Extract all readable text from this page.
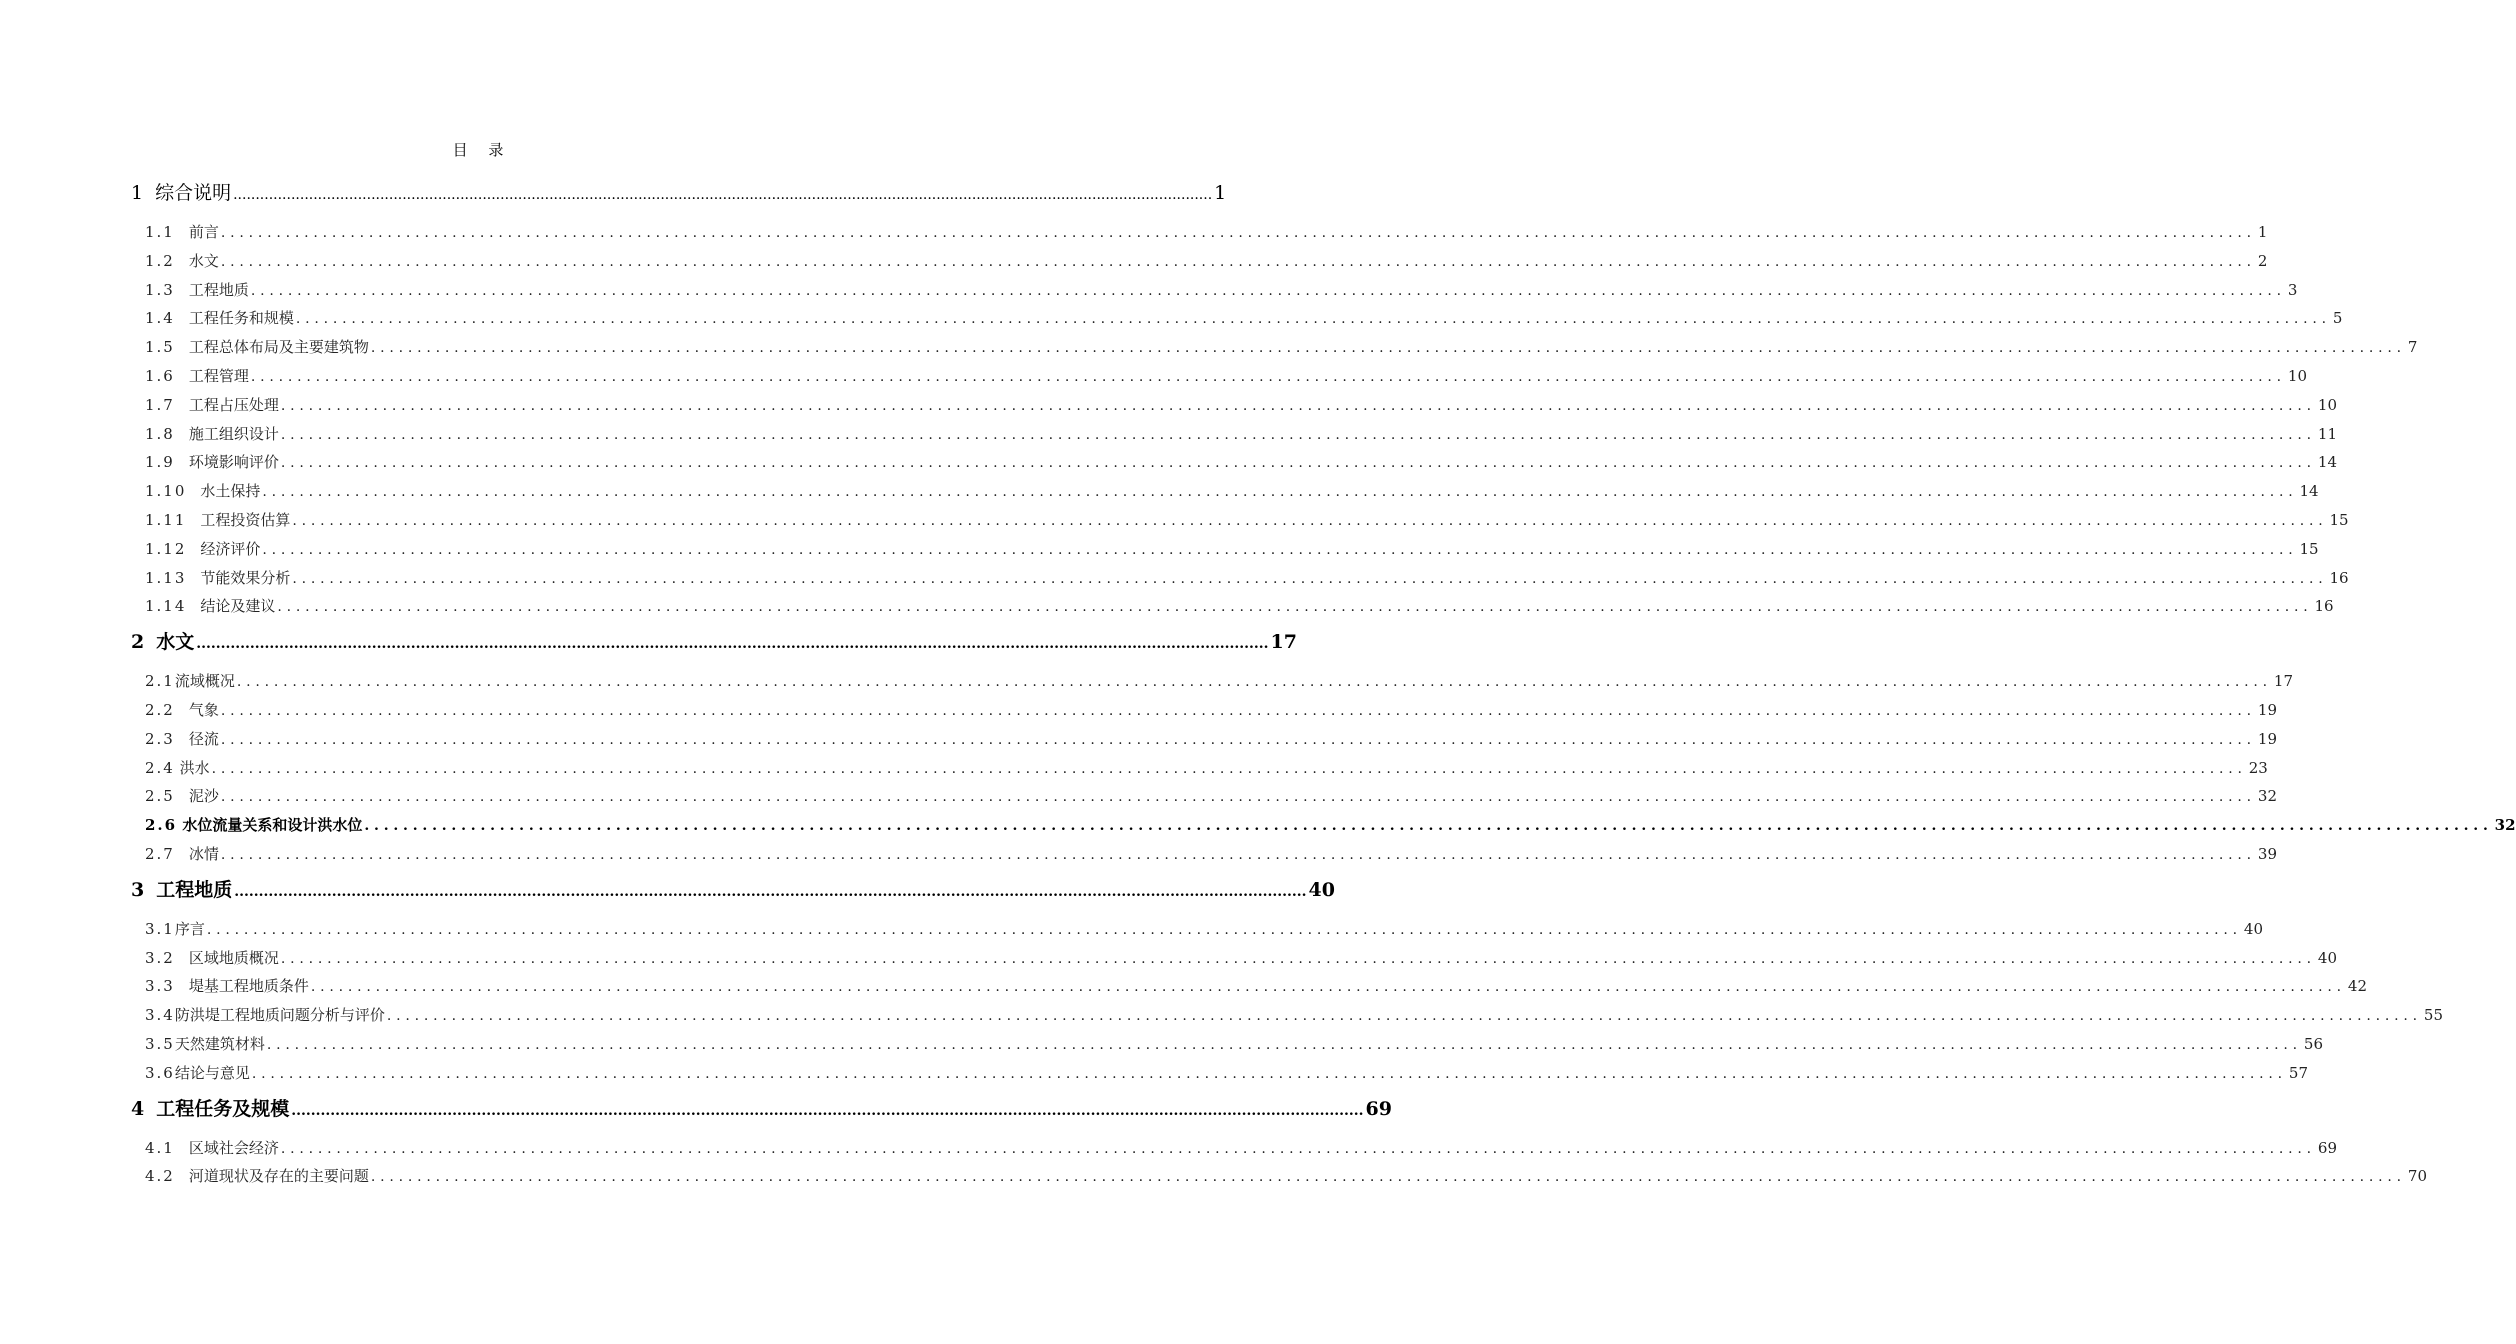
目 录
1 综合说明 ............................................................................................................................................................................................................................ 1
1.1 前言 ............................................................................................................................................................................................................................ 1
1.2 水文 ............................................................................................................................................................................................................................ 2
1.3 工程地质 ............................................................................................................................................................................................................................ 3
1.4 工程任务和规模 ............................................................................................................................................................................................................................ 5
1.5 工程总体布局及主要建筑物 ............................................................................................................................................................................................................................ 7
1.6 工程管理 ............................................................................................................................................................................................................................ 10
1.7 工程占压处理 ............................................................................................................................................................................................................................ 10
1.8 施工组织设计 ............................................................................................................................................................................................................................ 11
1.9 环境影响评价 ............................................................................................................................................................................................................................ 14
1.10 水土保持 ............................................................................................................................................................................................................................ 14
1.11 工程投资估算 ............................................................................................................................................................................................................................ 15
1.12 经济评价 ............................................................................................................................................................................................................................ 15
1.13 节能效果分析 ............................................................................................................................................................................................................................ 16
1.14 结论及建议 ............................................................................................................................................................................................................................ 16
2 水文 ............................................................................................................................................................................................................................ 17
2.1流域概况 ............................................................................................................................................................................................................................ 17
2.2 气象 ............................................................................................................................................................................................................................ 19
2.3 径流 ............................................................................................................................................................................................................................ 19
2.4 洪水 ............................................................................................................................................................................................................................ 23
2.5 泥沙 ............................................................................................................................................................................................................................ 32
2.6 水位流量关系和设计洪水位 ............................................................................................................................................................................................................................ 32
2.7 冰情 ............................................................................................................................................................................................................................ 39
3 工程地质 ............................................................................................................................................................................................................................ 40
3.1序言 ............................................................................................................................................................................................................................ 40
3.2 区域地质概况 ............................................................................................................................................................................................................................ 40
3.3 堤基工程地质条件 ............................................................................................................................................................................................................................ 42
3.4防洪堤工程地质问题分析与评价 ............................................................................................................................................................................................................................ 55
3.5天然建筑材料 ............................................................................................................................................................................................................................ 56
3.6结论与意见 ............................................................................................................................................................................................................................ 57
4 工程任务及规模 ............................................................................................................................................................................................................................ 69
4.1 区域社会经济 ............................................................................................................................................................................................................................ 69
4.2 河道现状及存在的主要问题 ............................................................................................................................................................................................................................ 70
